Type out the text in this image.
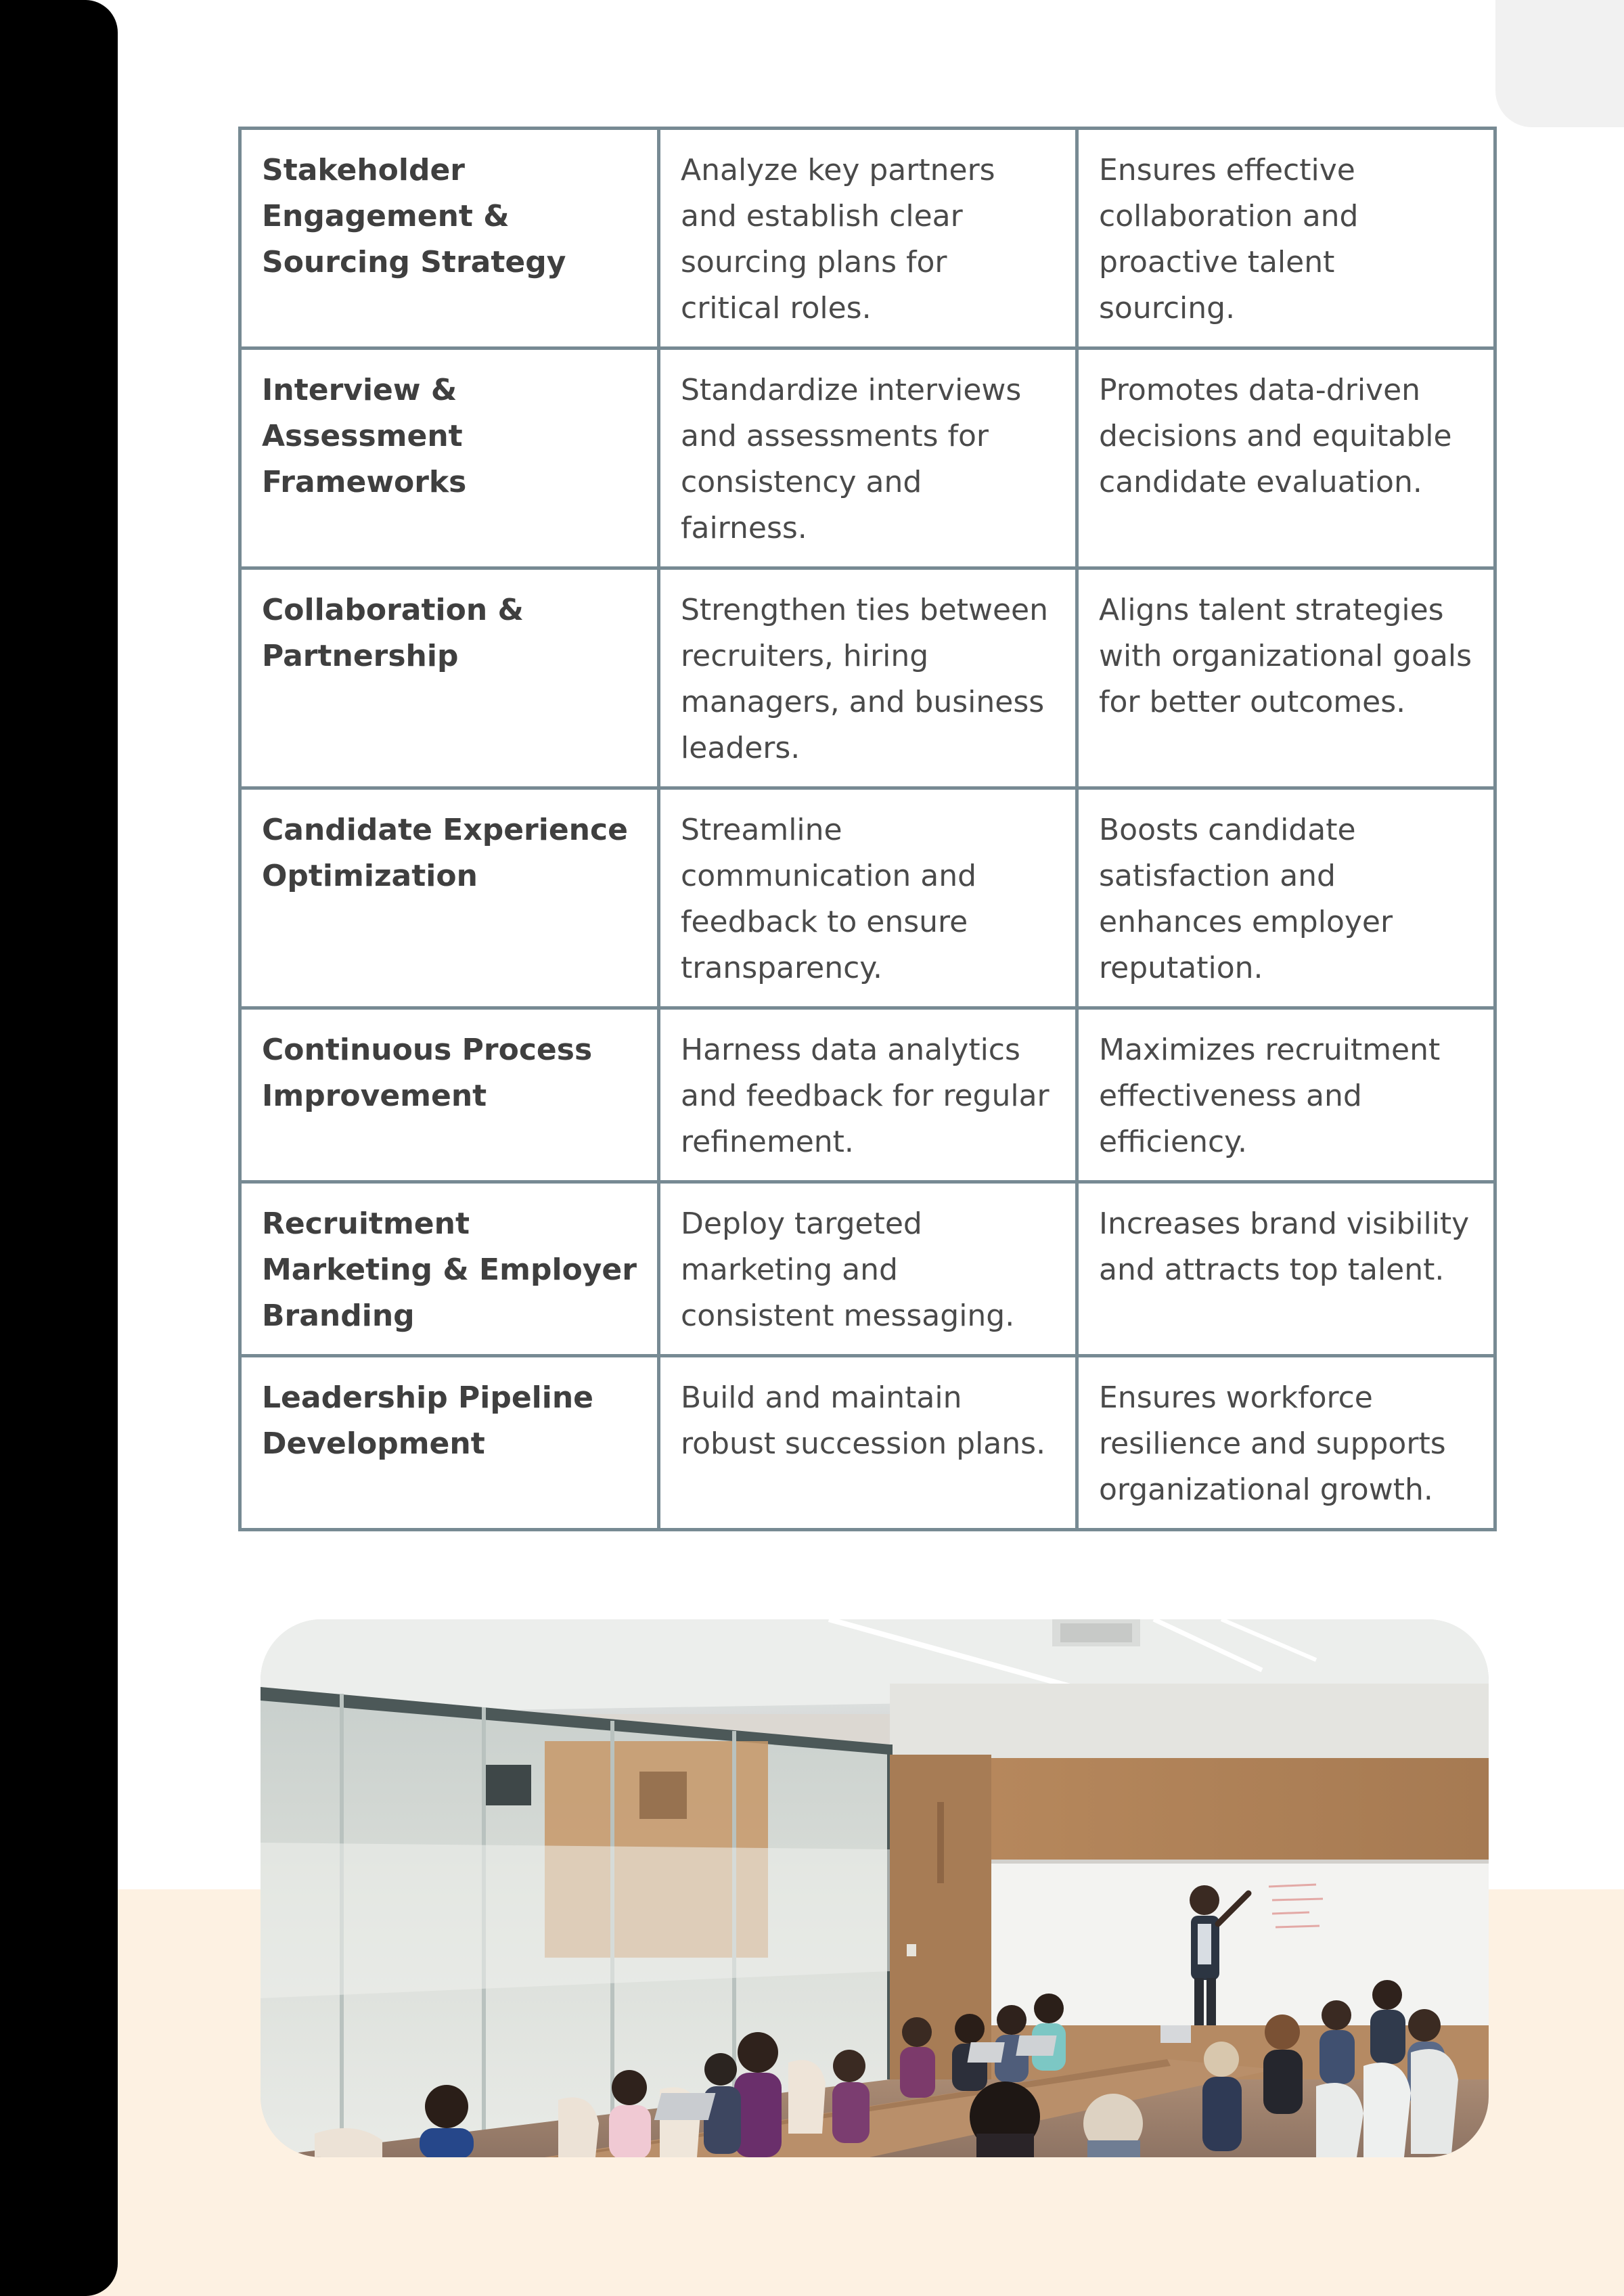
Stakeholder Engagement & Sourcing Strategy	Analyze key partners and establish clear sourcing plans for critical roles.	Ensures effective collaboration and proactive talent sourcing.
Interview & Assessment Frameworks	Standardize interviews and assessments for consistency and fairness.	Promotes data-driven decisions and equitable candidate evaluation.
Collaboration & Partnership	Strengthen ties between recruiters, hiring managers, and business leaders.	Aligns talent strategies with organizational goals for better outcomes.
Candidate Experience Optimization	Streamline communication and feedback to ensure transparency.	Boosts candidate satisfaction and enhances employer reputation.
Continuous Process Improvement	Harness data analytics and feedback for regular refinement.	Maximizes recruitment effectiveness and efficiency.
Recruitment Marketing & Employer Branding	Deploy targeted marketing and consistent messaging.	Increases brand visibility and attracts top talent.
Leadership Pipeline Development	Build and maintain robust succession plans.	Ensures workforce resilience and supports organizational growth.
